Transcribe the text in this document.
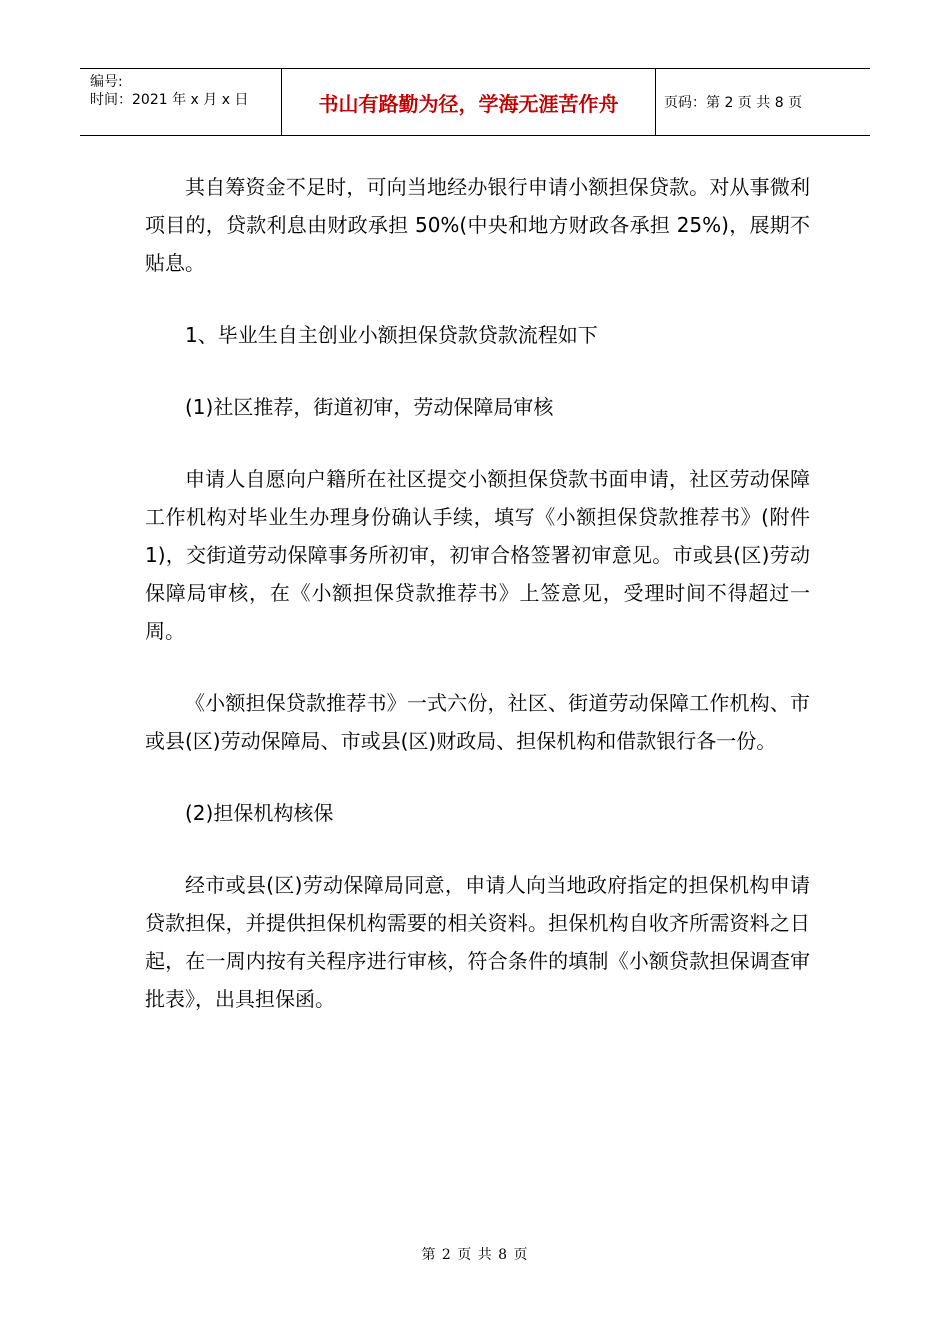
编号:
时间：2021 年 x 月 x 日	书山有路勤为径，学海无涯苦作舟	页码：第 2 页 共 8 页

其自筹资金不足时，可向当地经办银行申请小额担保贷款。对从事微利项目的，贷款利息由财政承担 50%(中央和地方财政各承担 25%)，展期不贴息。

1、毕业生自主创业小额担保贷款贷款流程如下

(1)社区推荐，街道初审，劳动保障局审核

申请人自愿向户籍所在社区提交小额担保贷款书面申请，社区劳动保障工作机构对毕业生办理身份确认手续，填写《小额担保贷款推荐书》(附件 1)，交街道劳动保障事务所初审，初审合格签署初审意见。市或县(区)劳动保障局审核，在《小额担保贷款推荐书》上签意见，受理时间不得超过一周。

《小额担保贷款推荐书》一式六份，社区、街道劳动保障工作机构、市或县(区)劳动保障局、市或县(区)财政局、担保机构和借款银行各一份。

(2)担保机构核保

经市或县(区)劳动保障局同意，申请人向当地政府指定的担保机构申请贷款担保，并提供担保机构需要的相关资料。担保机构自收齐所需资料之日起，在一周内按有关程序进行审核，符合条件的填制《小额贷款担保调查审批表》，出具担保函。

第 2 页 共 8 页
